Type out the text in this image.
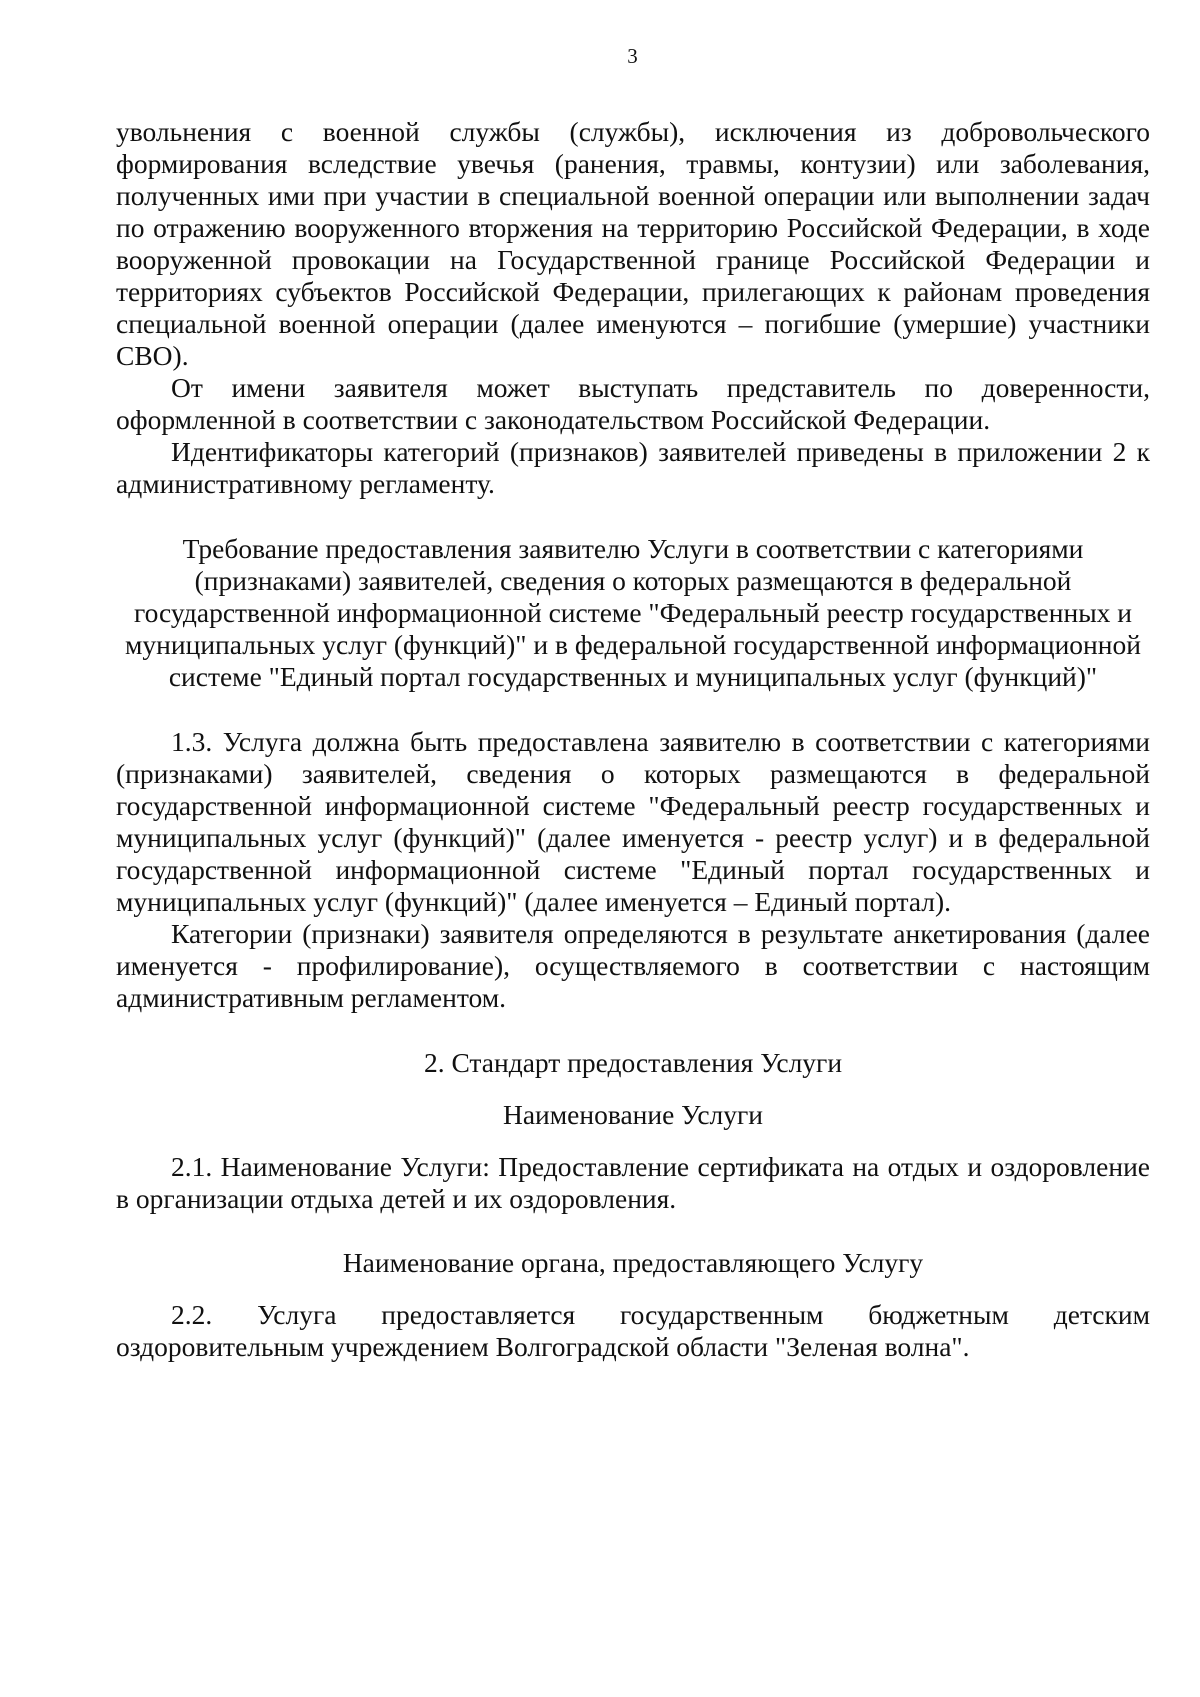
3

увольнения с военной службы (службы), исключения из добровольческого формирования вследствие увечья (ранения, травмы, контузии) или заболевания, полученных ими при участии в специальной военной операции или выполнении задач по отражению вооруженного вторжения на территорию Российской Федерации, в ходе вооруженной провокации на Государственной границе Российской Федерации и территориях субъектов Российской Федерации, прилегающих к районам проведения специальной военной операции (далее именуются – погибшие (умершие) участники СВО).

От имени заявителя может выступать представитель по доверенности, оформленной в соответствии с законодательством Российской Федерации.

Идентификаторы категорий (признаков) заявителей приведены в приложении 2 к административному регламенту.

Требование предоставления заявителю Услуги в соответствии с категориями (признаками) заявителей, сведения о которых размещаются в федеральной государственной информационной системе "Федеральный реестр государственных и муниципальных услуг (функций)" и в федеральной государственной информационной системе "Единый портал государственных и муниципальных услуг (функций)"

1.3. Услуга должна быть предоставлена заявителю в соответствии с категориями (признаками) заявителей, сведения о которых размещаются в федеральной государственной информационной системе "Федеральный реестр государственных и муниципальных услуг (функций)" (далее именуется - реестр услуг) и в федеральной государственной информационной системе "Единый портал государственных и муниципальных услуг (функций)" (далее именуется – Единый портал).

Категории (признаки) заявителя определяются в результате анкетирования (далее именуется - профилирование), осуществляемого в соответствии с настоящим административным регламентом.

2. Стандарт предоставления Услуги
Наименование Услуги

2.1. Наименование Услуги: Предоставление сертификата на отдых и оздоровление в организации отдыха детей и их оздоровления.

Наименование органа, предоставляющего Услугу

2.2. Услуга предоставляется государственным бюджетным детским оздоровительным учреждением Волгоградской области "Зеленая волна".
